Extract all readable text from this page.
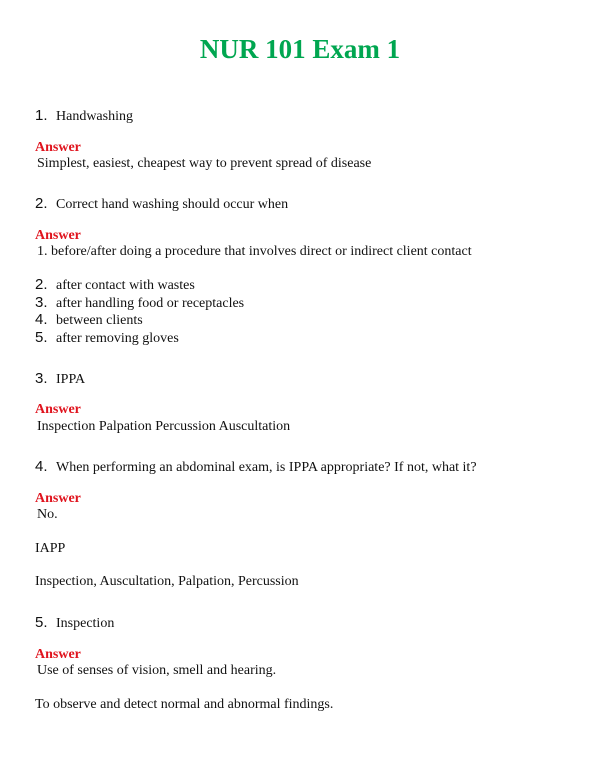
NUR 101 Exam 1
1. Handwashing
Answer
Simplest, easiest, cheapest way to prevent spread of disease
2. Correct hand washing should occur when
Answer
1. before/after doing a procedure that involves direct or indirect client contact
2. after contact with wastes
3. after handling food or receptacles
4. between clients
5. after removing gloves
3. IPPA
Answer
Inspection Palpation Percussion Auscultation
4. When performing an abdominal exam, is IPPA appropriate? If not, what it?
Answer
No.
IAPP
Inspection, Auscultation, Palpation, Percussion
5. Inspection
Answer
Use of senses of vision, smell and hearing.
To observe and detect normal and abnormal findings.
